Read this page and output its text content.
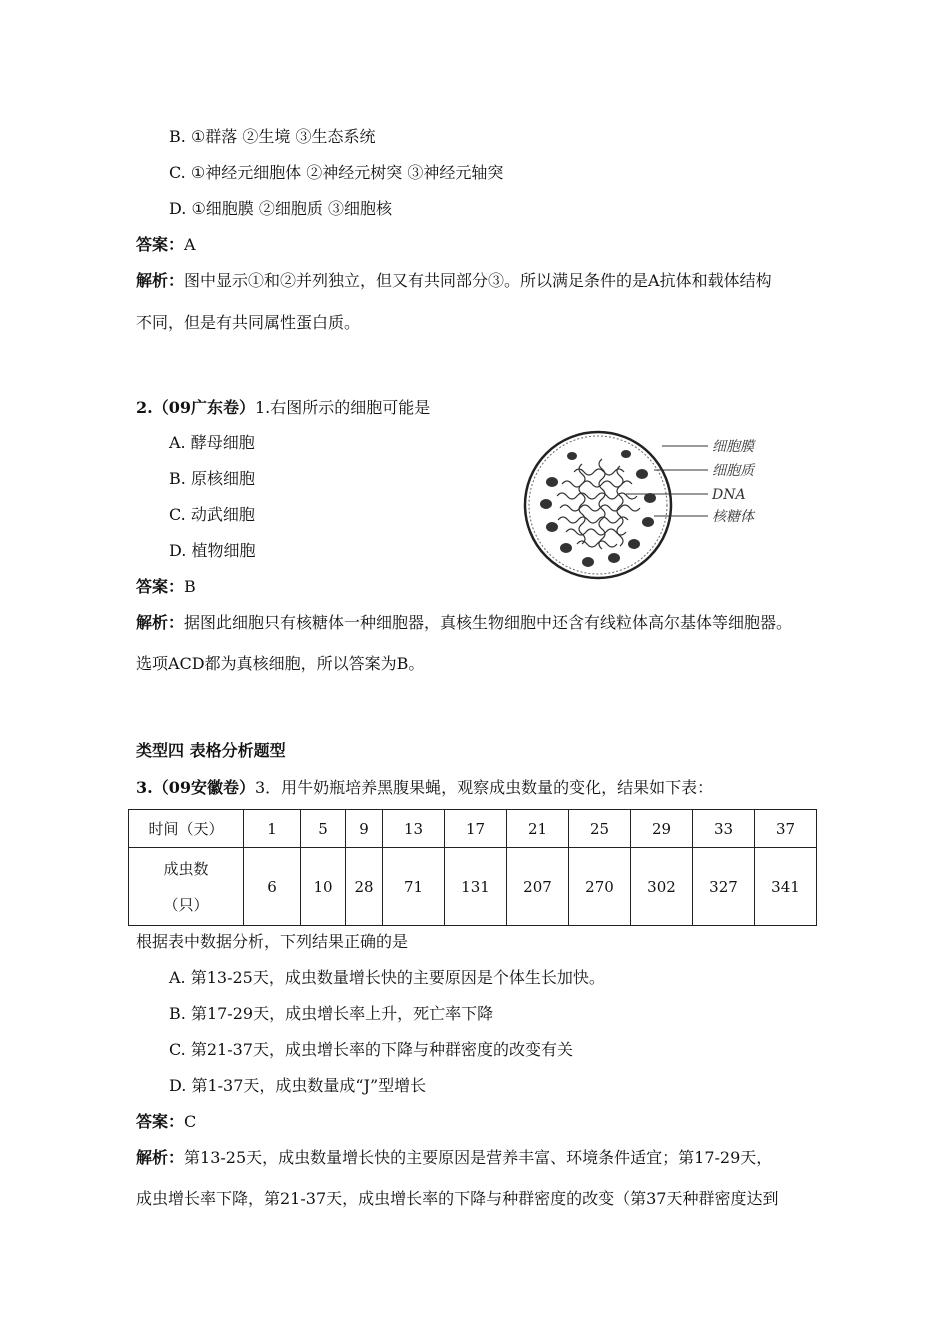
B. ①群落 ②生境 ③生态系统
C. ①神经元细胞体 ②神经元树突 ③神经元轴突
D. ①细胞膜 ②细胞质 ③细胞核
答案：A
解析：图中显示①和②并列独立，但又有共同部分③。所以满足条件的是A抗体和载体结构
不同，但是有共同属性蛋白质。
2.（09广东卷）1.右图所示的细胞可能是
A. 酵母细胞
B. 原核细胞
C. 动武细胞
D. 植物细胞
细胞膜
细胞质
DNA
核糖体
答案：B
解析：据图此细胞只有核糖体一种细胞器，真核生物细胞中还含有线粒体高尔基体等细胞器。
选项ACD都为真核细胞，所以答案为B。
类型四 表格分析题型
3.（09安徽卷）3．用牛奶瓶培养黑腹果蝇，观察成虫数量的变化，结果如下表：
时间（天）	1	5	9	13	17	21	25	29	33	37

成虫数
（只）	6	10	28	71	131	207	270	302	327	341
根据表中数据分析，下列结果正确的是
A. 第13-25天，成虫数量增长快的主要原因是个体生长加快。
B. 第17-29天，成虫增长率上升，死亡率下降
C. 第21-37天，成虫增长率的下降与种群密度的改变有关
D. 第1-37天，成虫数量成“J”型增长
答案：C
解析：第13-25天，成虫数量增长快的主要原因是营养丰富、环境条件适宜；第17-29天，
成虫增长率下降，第21-37天，成虫增长率的下降与种群密度的改变（第37天种群密度达到
